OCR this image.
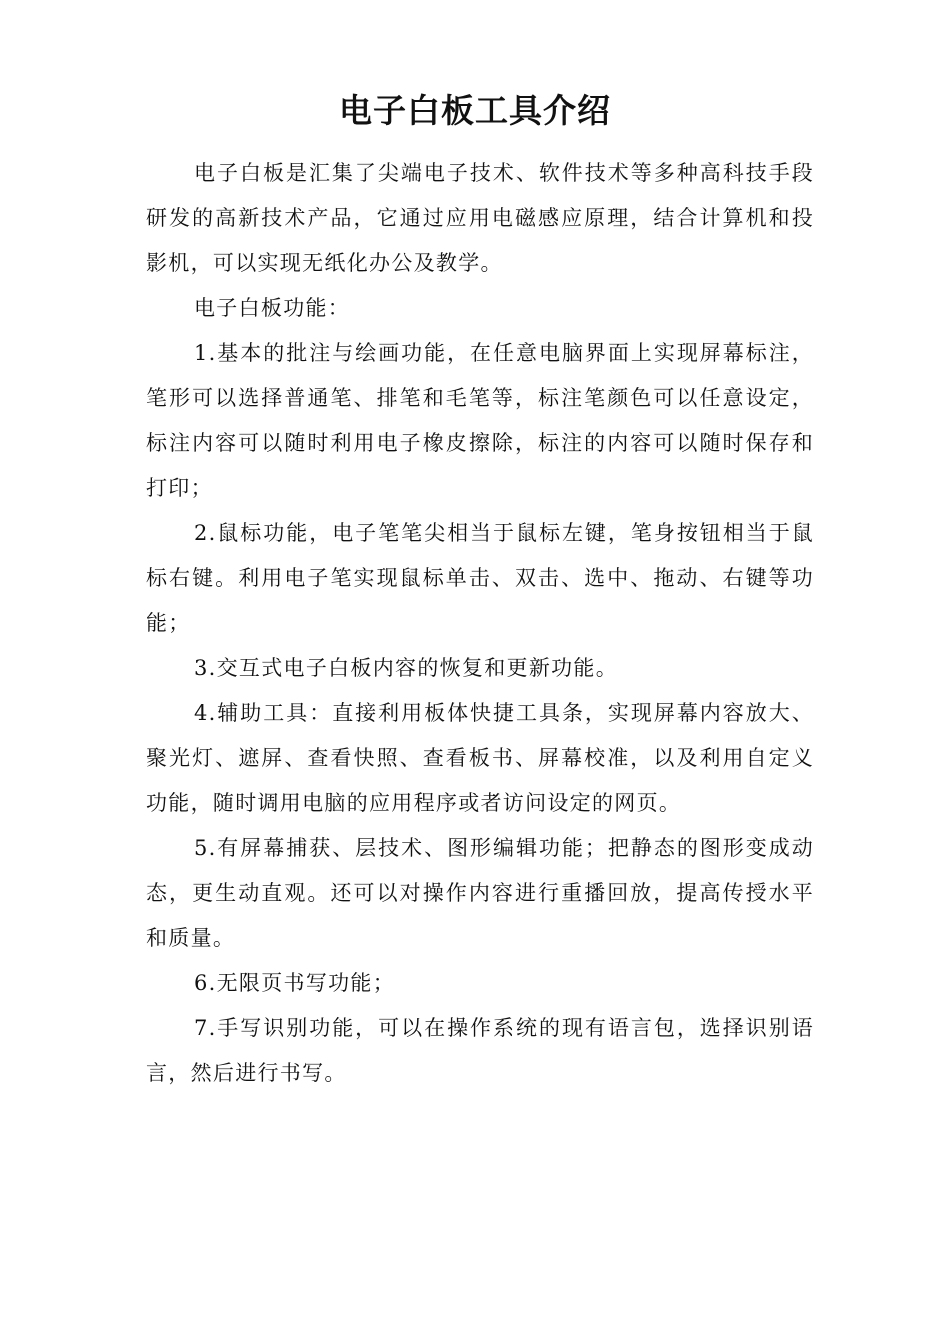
电子白板工具介绍

电子白板是汇集了尖端电子技术、软件技术等多种高科技手段研发的高新技术产品，它通过应用电磁感应原理，结合计算机和投影机，可以实现无纸化办公及教学。

电子白板功能：

1.基本的批注与绘画功能，在任意电脑界面上实现屏幕标注，笔形可以选择普通笔、排笔和毛笔等，标注笔颜色可以任意设定，标注内容可以随时利用电子橡皮擦除，标注的内容可以随时保存和打印；

2.鼠标功能，电子笔笔尖相当于鼠标左键，笔身按钮相当于鼠标右键。利用电子笔实现鼠标单击、双击、选中、拖动、右键等功能；

3.交互式电子白板内容的恢复和更新功能。

4.辅助工具：直接利用板体快捷工具条，实现屏幕内容放大、聚光灯、遮屏、查看快照、查看板书、屏幕校准，以及利用自定义功能，随时调用电脑的应用程序或者访问设定的网页。

5.有屏幕捕获、层技术、图形编辑功能；把静态的图形变成动态，更生动直观。还可以对操作内容进行重播回放，提高传授水平和质量。

6.无限页书写功能；

7.手写识别功能，可以在操作系统的现有语言包，选择识别语言，然后进行书写。
